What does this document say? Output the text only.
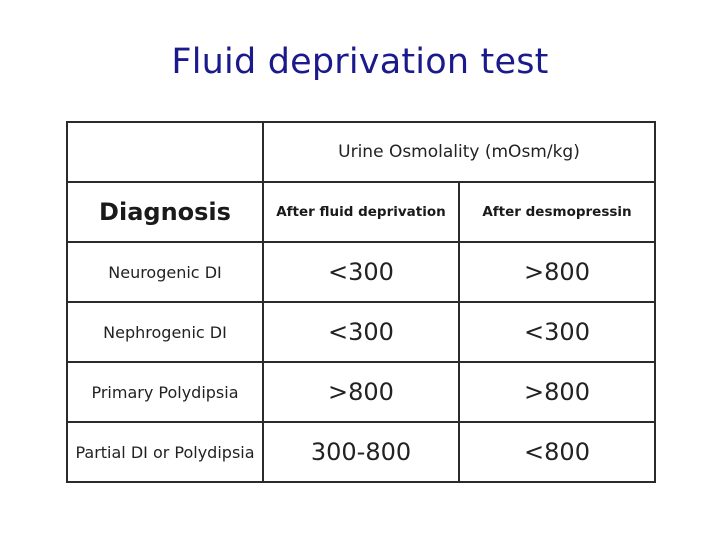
Fluid deprivation test
	Urine Osmolality (mOsm/kg)	
Diagnosis	After fluid deprivation	After desmopressin
Neurogenic DI	<300	>800
Nephrogenic DI	<300	<300
Primary Polydipsia	>800	>800
Partial DI or Polydipsia	300-800	<800
